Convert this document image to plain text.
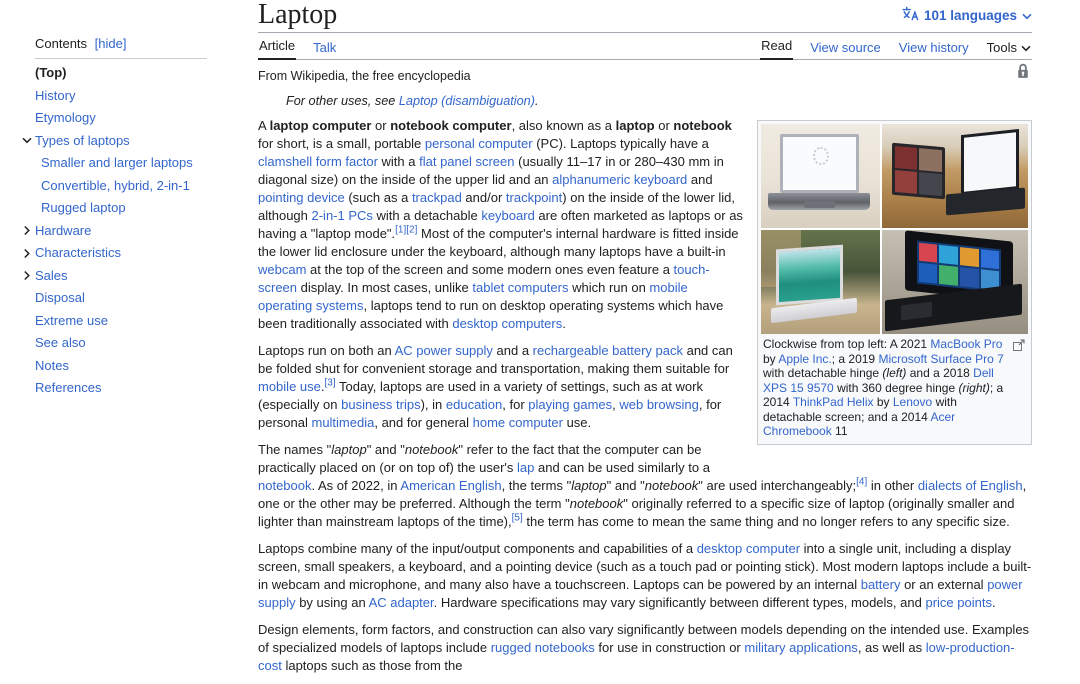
Contents [hide]
(Top)
History
Etymology
Types of laptops
Smaller and larger laptops
Convertible, hybrid, 2-in-1
Rugged laptop
Hardware
Characteristics
Sales
Disposal
Extreme use
See also
Notes
References
Laptop	101 languages
Article Talk	Read View source View history Tools
From Wikipedia, the free encyclopedia
For other uses, see Laptop (disambiguation).
Clockwise from top left: A 2021 MacBook Pro by Apple Inc.; a 2019 Microsoft Surface Pro 7 with detachable hinge (left) and a 2018 Dell XPS 15 9570 with 360 degree hinge (right); a 2014 ThinkPad Helix by Lenovo with detachable screen; and a 2014 Acer Chromebook 11

A laptop computer or notebook computer, also known as a laptop or notebook for short, is a small, portable personal computer (PC). Laptops typically have a clamshell form factor with a flat panel screen (usually 11–17 in or 280–430 mm in diagonal size) on the inside of the upper lid and an alphanumeric keyboard and pointing device (such as a trackpad and/or trackpoint) on the inside of the lower lid, although 2-in-1 PCs with a detachable keyboard are often marketed as laptops or as having a "laptop mode".[1][2] Most of the computer's internal hardware is fitted inside the lower lid enclosure under the keyboard, although many laptops have a built-in webcam at the top of the screen and some modern ones even feature a touch-screen display. In most cases, unlike tablet computers which run on mobile operating systems, laptops tend to run on desktop operating systems which have been traditionally associated with desktop computers.

Laptops run on both an AC power supply and a rechargeable battery pack and can be folded shut for convenient storage and transportation, making them suitable for mobile use.[3] Today, laptops are used in a variety of settings, such as at work (especially on business trips), in education, for playing games, web browsing, for personal multimedia, and for general home computer use.

The names "laptop" and "notebook" refer to the fact that the computer can be practically placed on (or on top of) the user's lap and can be used similarly to a notebook. As of 2022, in American English, the terms "laptop" and "notebook" are used interchangeably;[4] in other dialects of English, one or the other may be preferred. Although the term "notebook" originally referred to a specific size of laptop (originally smaller and lighter than mainstream laptops of the time),[5] the term has come to mean the same thing and no longer refers to any specific size.

Laptops combine many of the input/output components and capabilities of a desktop computer into a single unit, including a display screen, small speakers, a keyboard, and a pointing device (such as a touch pad or pointing stick). Most modern laptops include a built-in webcam and microphone, and many also have a touchscreen. Laptops can be powered by an internal battery or an external power supply by using an AC adapter. Hardware specifications may vary significantly between different types, models, and price points.

Design elements, form factors, and construction can also vary significantly between models depending on the intended use. Examples of specialized models of laptops include rugged notebooks for use in construction or military applications, as well as low-production-cost laptops such as those from the
